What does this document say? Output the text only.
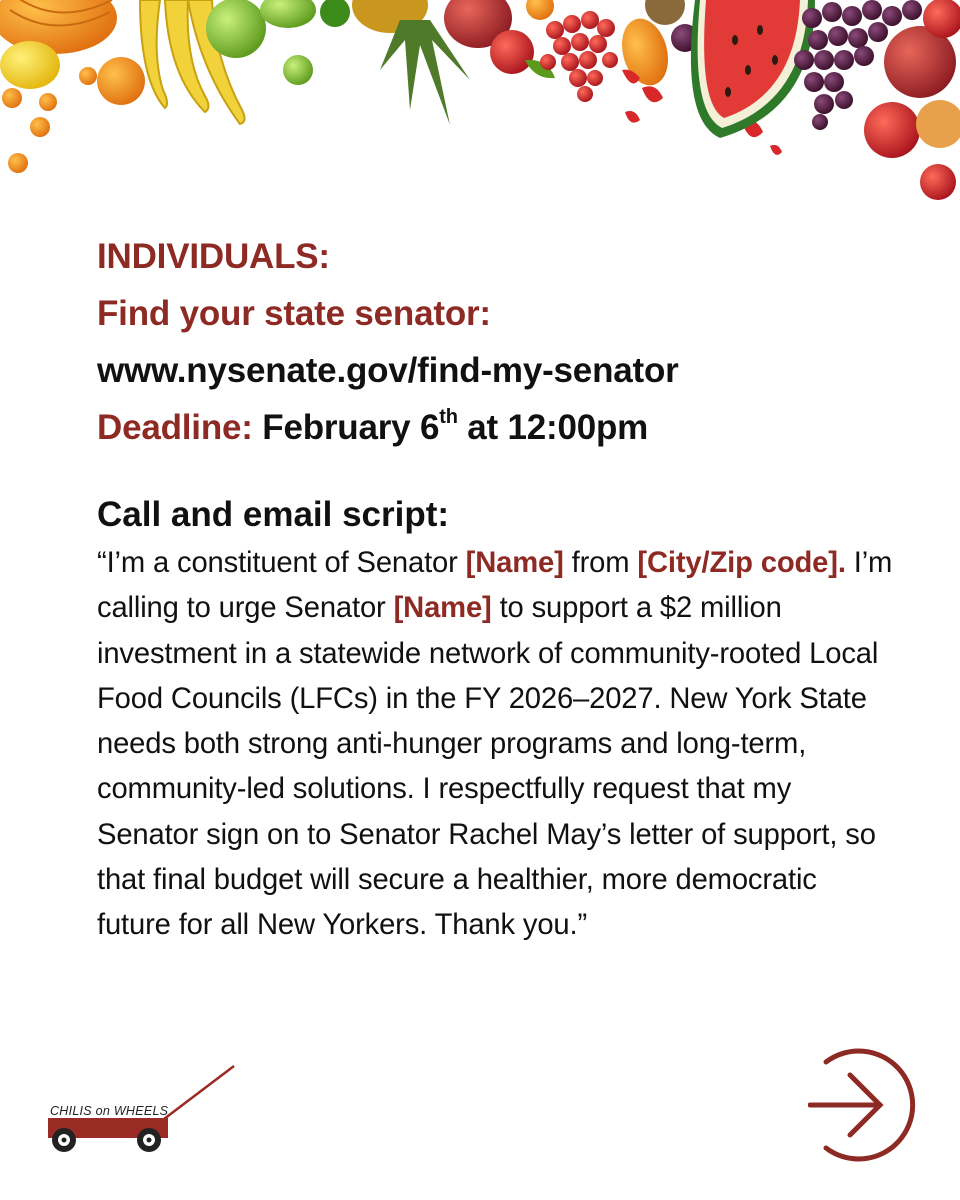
INDIVIDUALS:
Find your state senator:
www.nysenate.gov/find-my-senator
Deadline: February 6th at 12:00pm
Call and email script:
“I’m a constituent of Senator [Name] from [City/Zip code]. I’m calling to urge Senator [Name] to support a $2 million investment in a statewide network of community-rooted Local Food Councils (LFCs) in the FY 2026–2027. New York State needs both strong anti-hunger programs and long-term, community-led solutions. I respectfully request that my Senator sign on to Senator Rachel May’s letter of support, so that final budget will secure a healthier, more democratic future for all New Yorkers. Thank you.”
CHILIS on WHEELS
